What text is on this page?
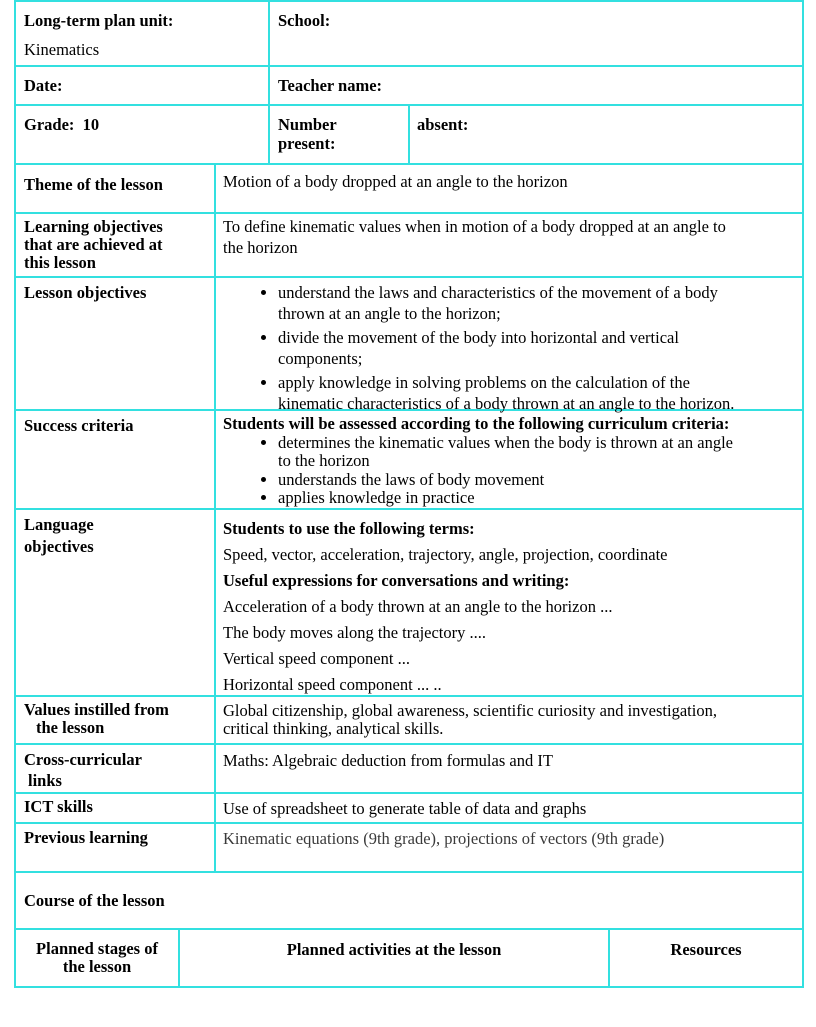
Long-term plan unit:
Kinematics
School:
Date:	Teacher name:
Grade:  10	Number
present:
absent:
Theme of the lesson	Motion of a body dropped at an angle to the horizon
Learning objectives
that are achieved at
this lesson
To define kinematic values when in motion of a body dropped at an angle to
the horizon
Lesson objectives
•	understand the laws and characteristics of the movement of a body
thrown at an angle to the horizon;
• divide the movement of the body into horizontal and vertical
components;
• apply knowledge in solving problems on the calculation of the
kinematic characteristics of a body thrown at an angle to the horizon.
Success criteria	Students will be assessed according to the following curriculum criteria:
• determines the kinematic values when the body is thrown at an angle
to the horizon
• understands the laws of body movement
• applies knowledge in practice
Language
objectives
Students to use the following terms:
Speed, vector, acceleration, trajectory, angle, projection, coordinate
Useful expressions for conversations and writing:
Acceleration of a body thrown at an angle to the horizon ...
The body moves along the trajectory ....
Vertical speed component ...
Horizontal speed component ... ..
Values instilled from
the lesson
Global citizenship, global awareness, scientific curiosity and investigation,
critical thinking, analytical skills.
Cross-curricular
links
Maths: Algebraic deduction from formulas and IT
ICT skills	Use of spreadsheet to generate table of data and graphs
Previous learning	Kinematic equations (9th grade), projections of vectors (9th grade)
Course of the lesson
Planned stages of
the lesson
Planned activities at the lesson	Resources
